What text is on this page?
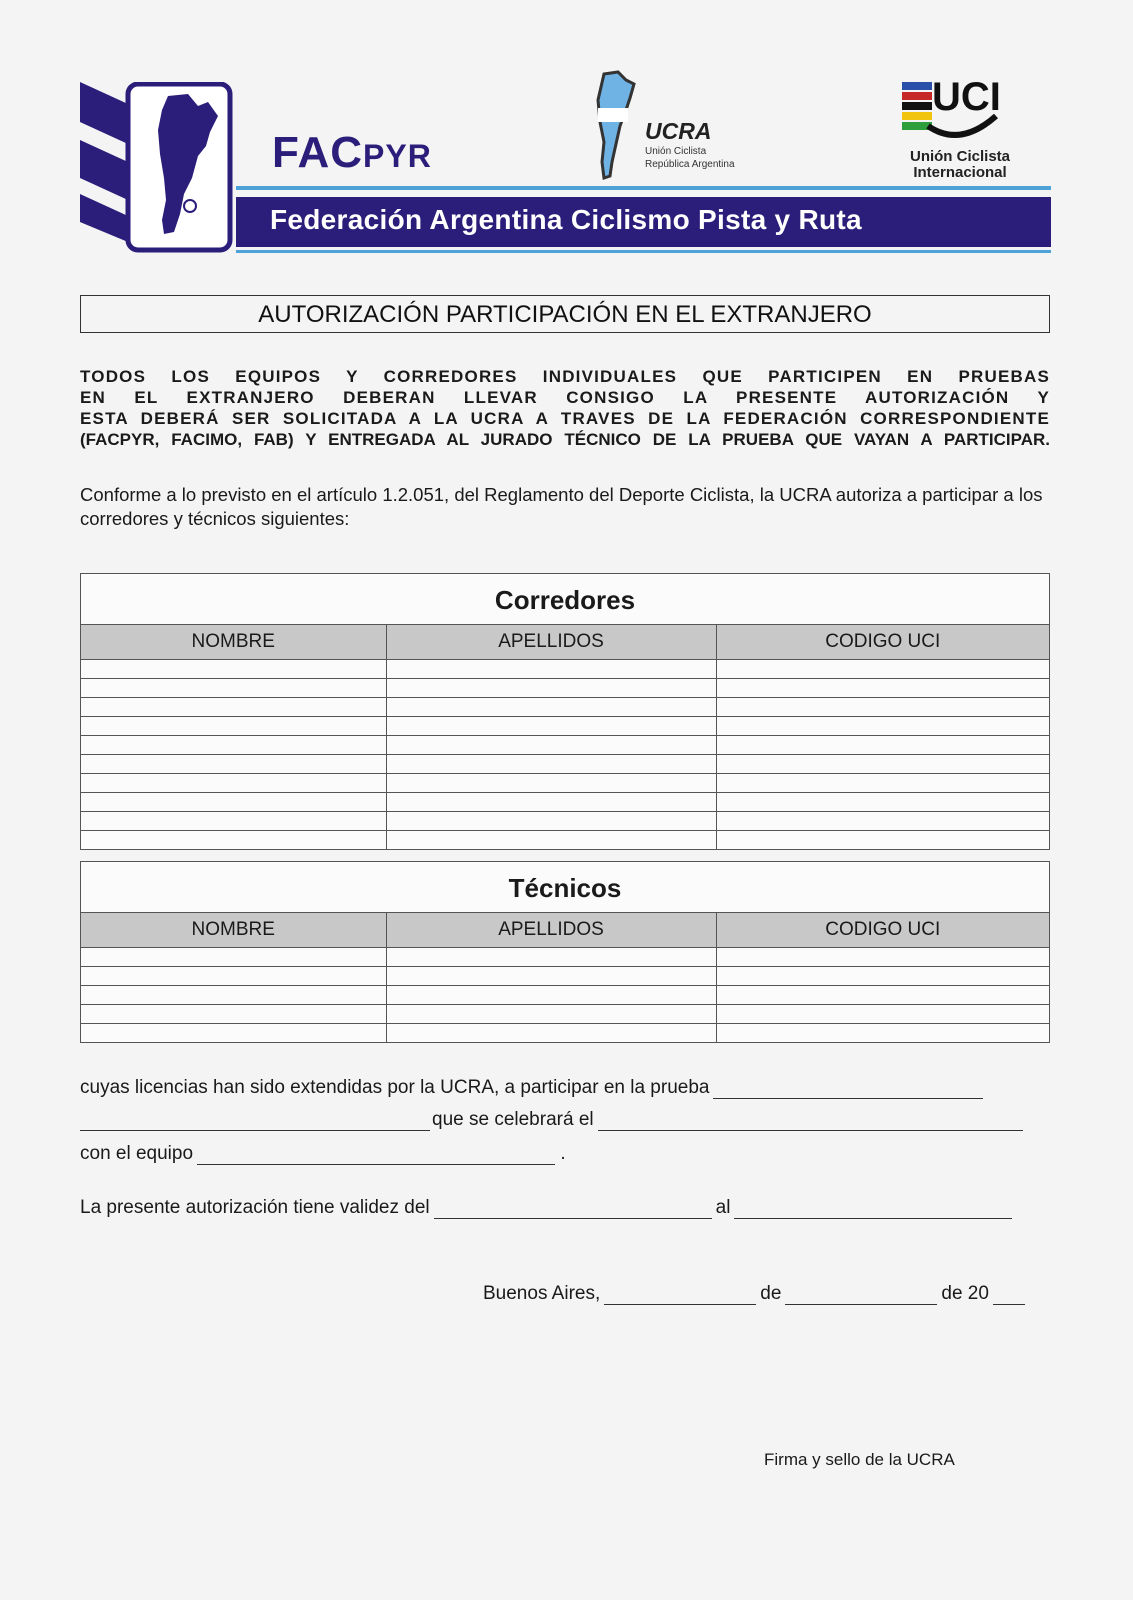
FACPYR
UCRA
Unión Ciclista
República Argentina
UCI
Unión Ciclista
Internacional
Federación Argentina Ciclismo Pista y Ruta
AUTORIZACIÓN PARTICIPACIÓN EN EL EXTRANJERO
TODOS LOS EQUIPOS Y CORREDORES INDIVIDUALES QUE PARTICIPEN EN PRUEBAS
EN EL EXTRANJERO DEBERAN LLEVAR CONSIGO LA PRESENTE AUTORIZACIÓN Y
ESTA DEBERÁ SER SOLICITADA A LA UCRA A TRAVES DE LA FEDERACIÓN CORRESPONDIENTE
(FACPYR, FACIMO, FAB) Y ENTREGADA AL JURADO TÉCNICO DE LA PRUEBA QUE VAYAN A PARTICIPAR.
Conforme a lo previsto en el artículo 1.2.051, del Reglamento del Deporte Ciclista, la UCRA autoriza a participar a los corredores y técnicos siguientes:
Corredores
NOMBRE	APELLIDOS	CODIGO UCI

Técnicos
NOMBRE	APELLIDOS	CODIGO UCI

cuyas licencias han sido extendidas por la UCRA, a participar en la prueba
que se celebrará el
con el equipo	.
La presente autorización tiene validez del	al
Buenos Aires,	de	de 20
Firma y sello de la UCRA
